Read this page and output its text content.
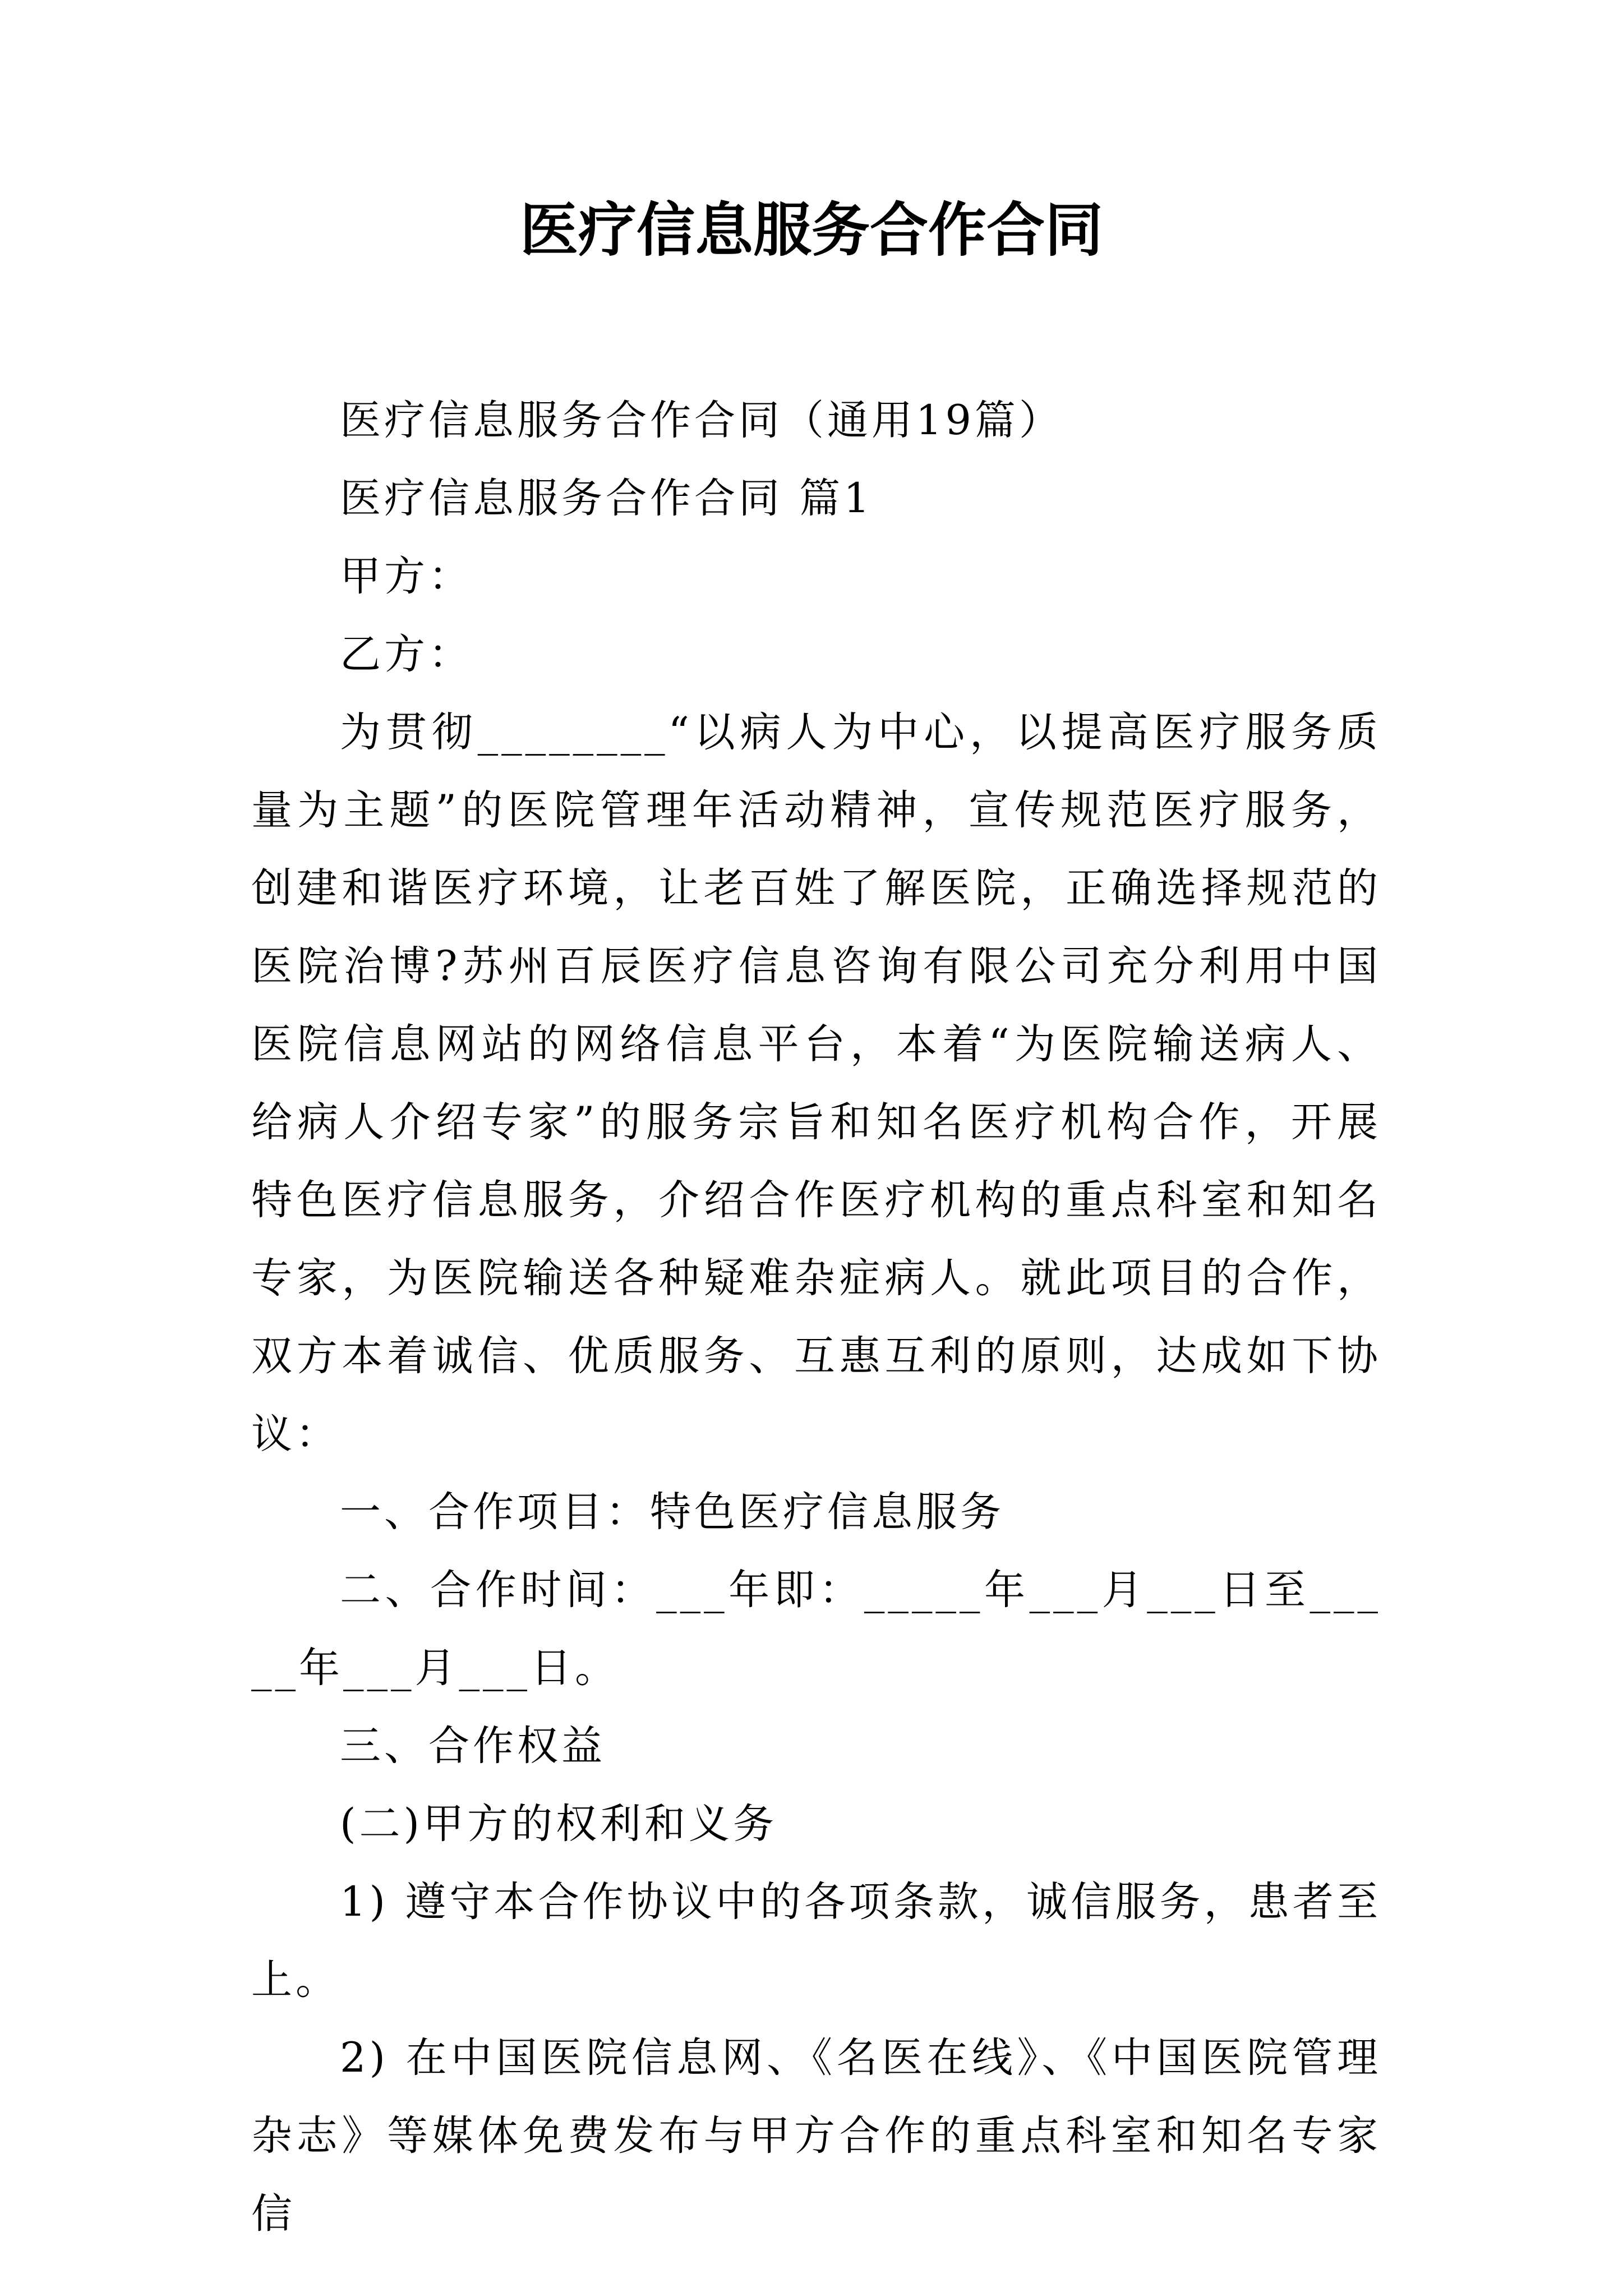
医疗信息服务合作合同

医疗信息服务合作合同（通用19篇）

医疗信息服务合作合同 篇1

甲方：

乙方：

为贯彻________“以病人为中心，以提高医疗服务质量为主题”的医院管理年活动精神，宣传规范医疗服务，创建和谐医疗环境，让老百姓了解医院，正确选择规范的医院治博?苏州百辰医疗信息咨询有限公司充分利用中国医院信息网站的网络信息平台，本着“为医院输送病人、给病人介绍专家”的服务宗旨和知名医疗机构合作，开展特色医疗信息服务，介绍合作医疗机构的重点科室和知名专家，为医院输送各种疑难杂症病人。就此项目的合作，双方本着诚信、优质服务、互惠互利的原则，达成如下协议：

一、合作项目：特色医疗信息服务

二、合作时间：___年即：_____年___月___日至_____年___月___日。

三、合作权益

(二)甲方的权利和义务

1) 遵守本合作协议中的各项条款，诚信服务，患者至上。

2) 在中国医院信息网、《名医在线》、《中国医院管理杂志》等媒体免费发布与甲方合作的重点科室和知名专家信
